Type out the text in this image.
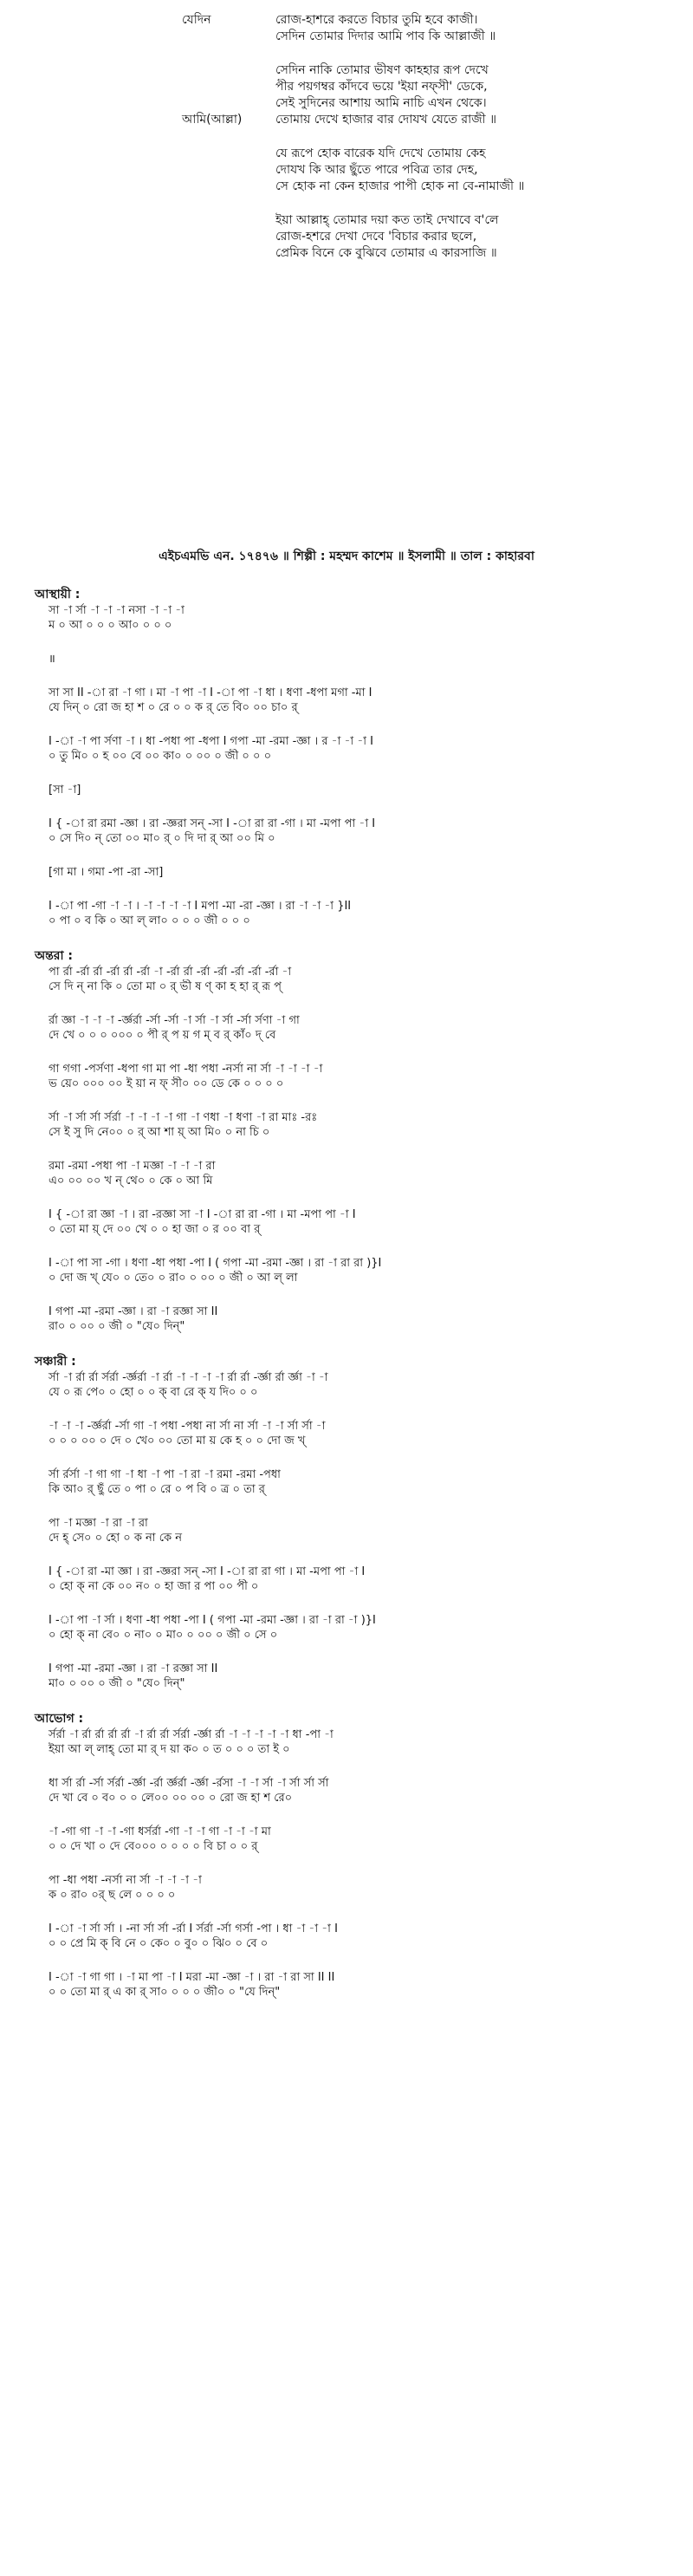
যেদিন	রোজ-হাশরে করতে বিচার তুমি হবে কাজী।
সেদিন তোমার দিদার আমি পাব কি আল্লাজী ॥
সেদিন নাকি তোমার ভীষণ কাহহার রূপ দেখে
পীর পয়গম্বর কাঁদবে ভয়ে 'ইয়া নফ্সী' ডেকে,
সেই সুদিনের আশায় আমি নাচি এখন থেকে।
আমি(আল্লা)	তোমায় দেখে হাজার বার দোযখ যেতে রাজী ॥
যে রূপে হোক বারেক যদি দেখে তোমায় কেহ
দোযখ কি আর ছুঁতে পারে পবিত্র তার দেহ,
সে হোক না কেন হাজার পাপী হোক না বে-নামাজী ॥
ইয়া আল্লাহ্ তোমার দয়া কত তাই দেখাবে ব'লে
রোজ-হশরে দেখা দেবে 'বিচার করার ছলে,
প্রেমিক বিনে কে বুঝিবে তোমার এ কারসাজি ॥
এইচএমভি এন. ১৭৪৭৬ ॥ শিল্পী : মহম্মদ কাশেম ॥ ইসলামী ॥ তাল : কাহারবা
আস্থায়ী :
সা -া র্সা -া -া -া নসা -া -া -া
ম ০ আ ০ ০ ০ আ০ ০ ০ ০
॥
সা সা II -া রা -া গা । মা -া পা -া I -া পা -া ধা । ধণা -ধপা মগা -মা I
যে দিন্ ০ রো জ হা শ ০ রে ০ ০ ক র্ তে বি০ ০০ চা০ র্
I -া -া পা র্সণা -া । ধা -পধা পা -ধপা I গপা -মা -রমা -জ্ঞা । র -া -া -া I
০ তু মি০ ০ হ ০০ বে ০০ কা০ ০ ০০ ০ জী ০ ০ ০
[সা -া]
I { -া রা রমা -জ্ঞা । রা -জ্ঞরা সন্ -সা I -া রা রা -গা । মা -মপা পা -া I
০ সে দি০ ন্ তো ০০ মা০ র্ ০ দি দা র্ আ ০০ মি ০
[গা মা । গমা -পা -রা -সা]
I -া পা -গা -া -া । -া -া -া -া I মপা -মা -রা -জ্ঞা । রা -া -া -া }II
০ পা ০ ব কি ০ আ ল্ লা০ ০ ০ ০ জী ০ ০ ০
অন্তরা :
পা র্রা -র্রা র্রা -র্রা র্রা -র্রা -া -র্রা র্রা -র্রা -র্রা -র্রা -র্রা -র্রা -া
সে দি ন্ না কি ০ তো মা ০ র্ ভী ষ ণ্ কা হ হা র্ রূ প্
র্রা জ্ঞা -া -া -া -র্জ্ঞর্রা -র্সা -র্সা -া র্সা -া র্সা -র্সা র্সণা -া গা
দে খে ০ ০ ০ ০০০ ০ পী র্ প য় গ ম্ ব র্ কাঁ০ দ্ বে
গা গগা -পর্সণা -ধপা গা মা পা -ধা পধা -নর্সা না র্সা -া -া -া -া
ভ য়ে০ ০০০ ০০ ই য়া ন ফ্ সী০ ০০ ডে কে ০ ০ ০ ০
র্সা -া র্সা র্সা র্সর্রা -া -া -া -া গা -া ণধা -া ধণা -া রা মাঃ -রঃ
সে ই সু দি নে০০ ০ র্ আ শা য়্ আ মি০ ০ না চি ০
রমা -রমা -পধা পা -া মজ্ঞা -া -া -া রা
এ০ ০০ ০০ খ ন্ থে০ ০ কে ০ আ মি
I { -া রা জ্ঞা -া । রা -রজ্ঞা সা -া I -া রা রা -গা । মা -মপা পা -া I
০ তো মা য়্ দে ০০ খে ০ ০ হা জা ০ র ০০ বা র্
I -া পা সা -গা । ধণা -ধা পধা -পা I ( গপা -মা -রমা -জ্ঞা । রা -া রা রা )}I
০ দো জ খ্ যে০ ০ তে০ ০ রা০ ০ ০০ ০ জী ০ আ ল্ লা
I গপা -মা -রমা -জ্ঞা । রা -া রজ্ঞা সা II
রা০ ০ ০০ ০ জী ০ "যে০ দিন্"
সঞ্চারী :
র্সা -া র্রা র্রা র্সর্রা -র্জ্ঞর্রা -া র্রা -া -া -া -া র্রা র্রা -র্জ্ঞা র্রা র্জ্ঞা -া -া
যে ০ রূ পে০ ০ হো ০ ০ ক্ বা রে ক্ য দি০ ০ ০
-া -া -া -র্জ্ঞর্রা -র্সা গা -া পধা -পধা না র্সা না র্সা -া -া র্সা র্সা -া
০ ০ ০ ০০ ০ দে ০ খে০ ০০ তো মা য় কে হ ০ ০ দো জ খ্
র্সা র্রর্সা -া গা গা -া ধা -া পা -া রা -া রমা -রমা -পধা
কি আ০ র্ ছুঁ তে ০ পা ০ রে ০ প বি ০ ত্র ০ তা র্
পা -া মজ্ঞা -া রা -া রা
দে হ্ সে০ ০ হো ০ ক না কে ন
I { -া রা -মা জ্ঞা । রা -জ্ঞরা সন্ -সা I -া রা রা গা । মা -মপা পা -া I
০ হো ক্ না কে ০০ ন০ ০ হা জা র পা ০০ পী ০
I -া পা -া র্সা । ধণা -ধা পধা -পা I ( গপা -মা -রমা -জ্ঞা । রা -া রা -া )}I
০ হো ক্ না বে০ ০ না০ ০ মা০ ০ ০০ ০ জী ০ সে ০
I গপা -মা -রমা -জ্ঞা । রা -া রজ্ঞা সা II
মা০ ০ ০০ ০ জী ০ "যে০ দিন্"
আভোগ :
র্সর্রা -া র্রা র্রা র্রা র্রা -া র্রা র্রা র্সর্রা -র্জ্ঞা র্রা -া -া -া -া -া ধা -পা -া
ইয়া আ ল্ লাহ্ তো মা র্ দ য়া ক০ ০ ত ০ ০ ০ তা ই ০
ধা র্সা র্রা -র্সা র্সর্রা -র্জ্ঞা -র্রা র্জ্ঞর্রা -র্জ্ঞা -র্রসা -া -া র্সা -া র্সা র্সা র্সা
দে খা বে ০ ব০ ০ ০ লে০০ ০০ ০০ ০ রো জ হা শ রে০
-া -গা গা -া -া -গা ধর্সর্রা -গা -া -া গা -া -া -া মা
০ ০ দে খা ০ দে বে০০০ ০ ০ ০ ০ বি চা ০ ০ র্
পা -ধা পধা -নর্সা না র্সা -া -া -া -া
ক ০ রা০ ০র্ ছ লে ০ ০ ০ ০
I -া -া র্সা র্সা । -না র্সা র্সা -র্রা I র্সর্রা -র্সা গর্সা -পা । ধা -া -া -া I
০ ০ প্রে মি ক্ বি নে ০ কে০ ০ বু০ ০ ঝি০ ০ বে ০
I -া -া গা গা । -া মা পা -া I মরা -মা -জ্ঞা -া । রা -া রা সা II II
০ ০ তো মা র্ এ কা র্ সা০ ০ ০ ০ জী০ ০ "যে দিন্"
